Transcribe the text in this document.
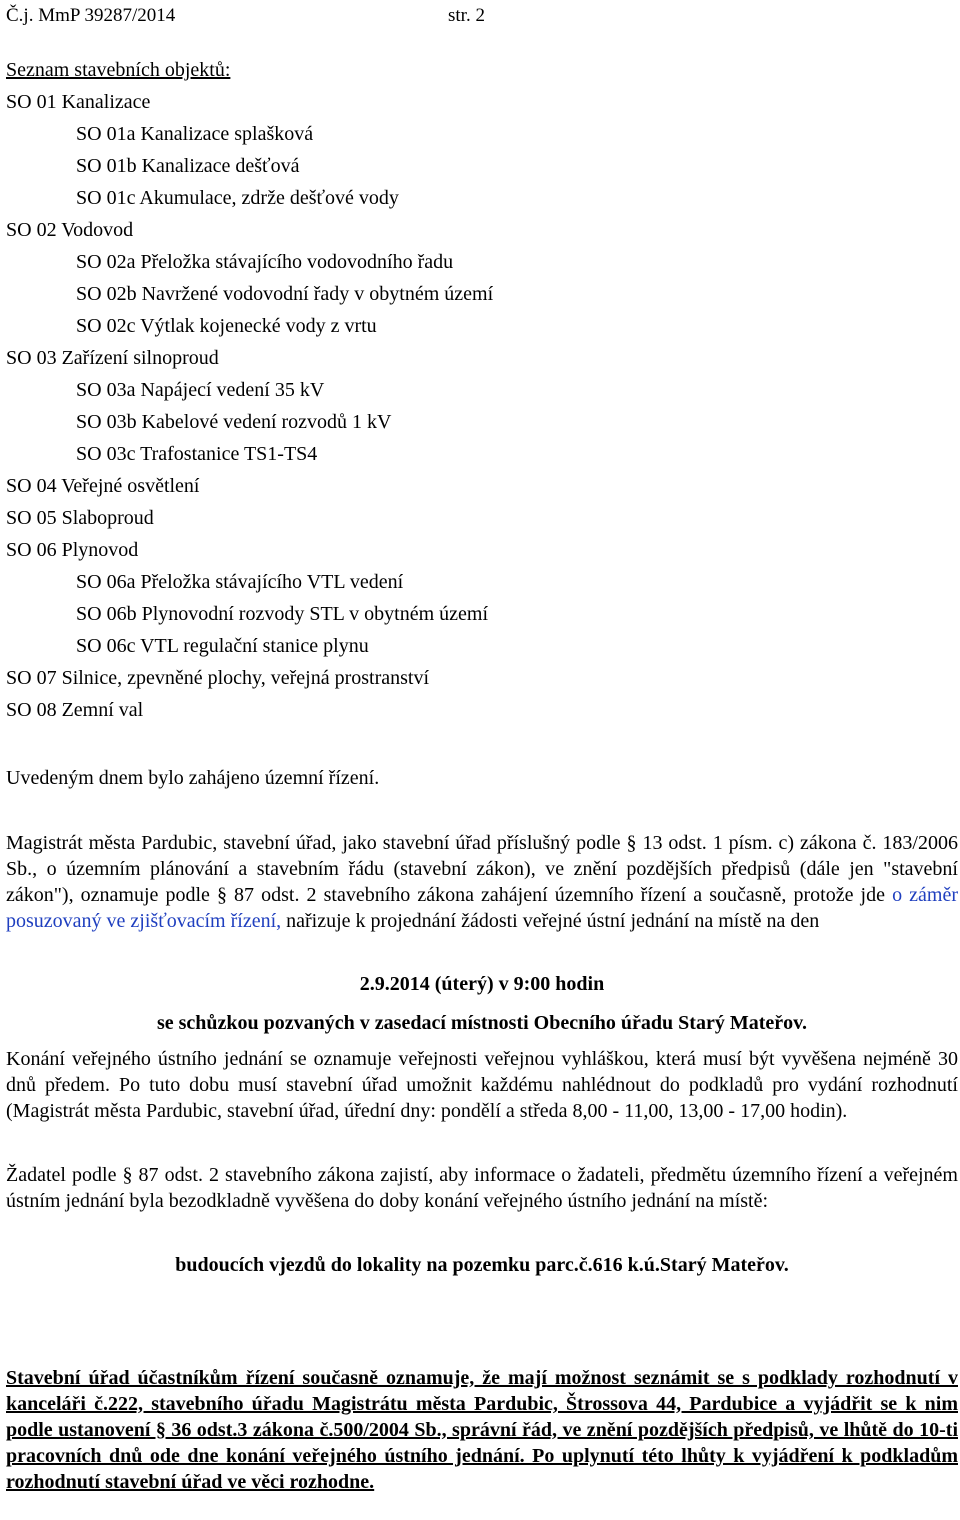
Č.j. MmP 39287/2014	str. 2
Seznam stavebních objektů:
SO 01 Kanalizace
SO 01a Kanalizace splašková
SO 01b Kanalizace dešťová
SO 01c Akumulace, zdrže dešťové vody
SO 02 Vodovod
SO 02a Přeložka stávajícího vodovodního řadu
SO 02b Navržené vodovodní řady v obytném území
SO 02c Výtlak kojenecké vody z vrtu
SO 03 Zařízení silnoproud
SO 03a Napájecí vedení 35 kV
SO 03b Kabelové vedení rozvodů 1 kV
SO 03c Trafostanice TS1-TS4
SO 04 Veřejné osvětlení
SO 05 Slaboproud
SO 06 Plynovod
SO 06a Přeložka stávajícího VTL vedení
SO 06b Plynovodní rozvody STL v obytném území
SO 06c VTL regulační stanice plynu
SO 07 Silnice, zpevněné plochy, veřejná prostranství
SO 08 Zemní val

Uvedeným dnem bylo zahájeno územní řízení.

Magistrát města Pardubic, stavební úřad, jako stavební úřad příslušný podle § 13 odst. 1 písm. c) zákona č. 183/2006 Sb., o územním plánování a stavebním řádu (stavební zákon), ve znění pozdějších předpisů (dále jen "stavební zákon"), oznamuje podle § 87 odst. 2 stavebního zákona zahájení územního řízení a současně, protože jde o záměr posuzovaný ve zjišťovacím řízení, nařizuje k projednání žádosti veřejné ústní jednání na místě na den

2.9.2014 (úterý) v 9:00 hodin
se schůzkou pozvaných v zasedací místnosti Obecního úřadu Starý Mateřov.

Konání veřejného ústního jednání se oznamuje veřejnosti veřejnou vyhláškou, která musí být vyvěšena nejméně 30 dnů předem. Po tuto dobu musí stavební úřad umožnit každému nahlédnout do podkladů pro vydání rozhodnutí (Magistrát města Pardubic, stavební úřad, úřední dny: pondělí a středa 8,00 - 11,00, 13,00 - 17,00 hodin).

Žadatel podle § 87 odst. 2 stavebního zákona zajistí, aby informace o žadateli, předmětu územního řízení a veřejném ústním jednání byla bezodkladně vyvěšena do doby konání veřejného ústního jednání na místě:

budoucích vjezdů do lokality na pozemku parc.č.616 k.ú.Starý Mateřov.

Stavební úřad účastníkům řízení současně oznamuje, že mají možnost seznámit se s podklady rozhodnutí v kanceláři č.222, stavebního úřadu Magistrátu města Pardubic, Štrossova 44, Pardubice a vyjádřit se k nim podle ustanovení § 36 odst.3 zákona č.500/2004 Sb., správní řád, ve znění pozdějších předpisů, ve lhůtě do 10-ti pracovních dnů ode dne konání veřejného ústního jednání. Po uplynutí této lhůty k vyjádření k podkladům rozhodnutí stavební úřad ve věci rozhodne.
